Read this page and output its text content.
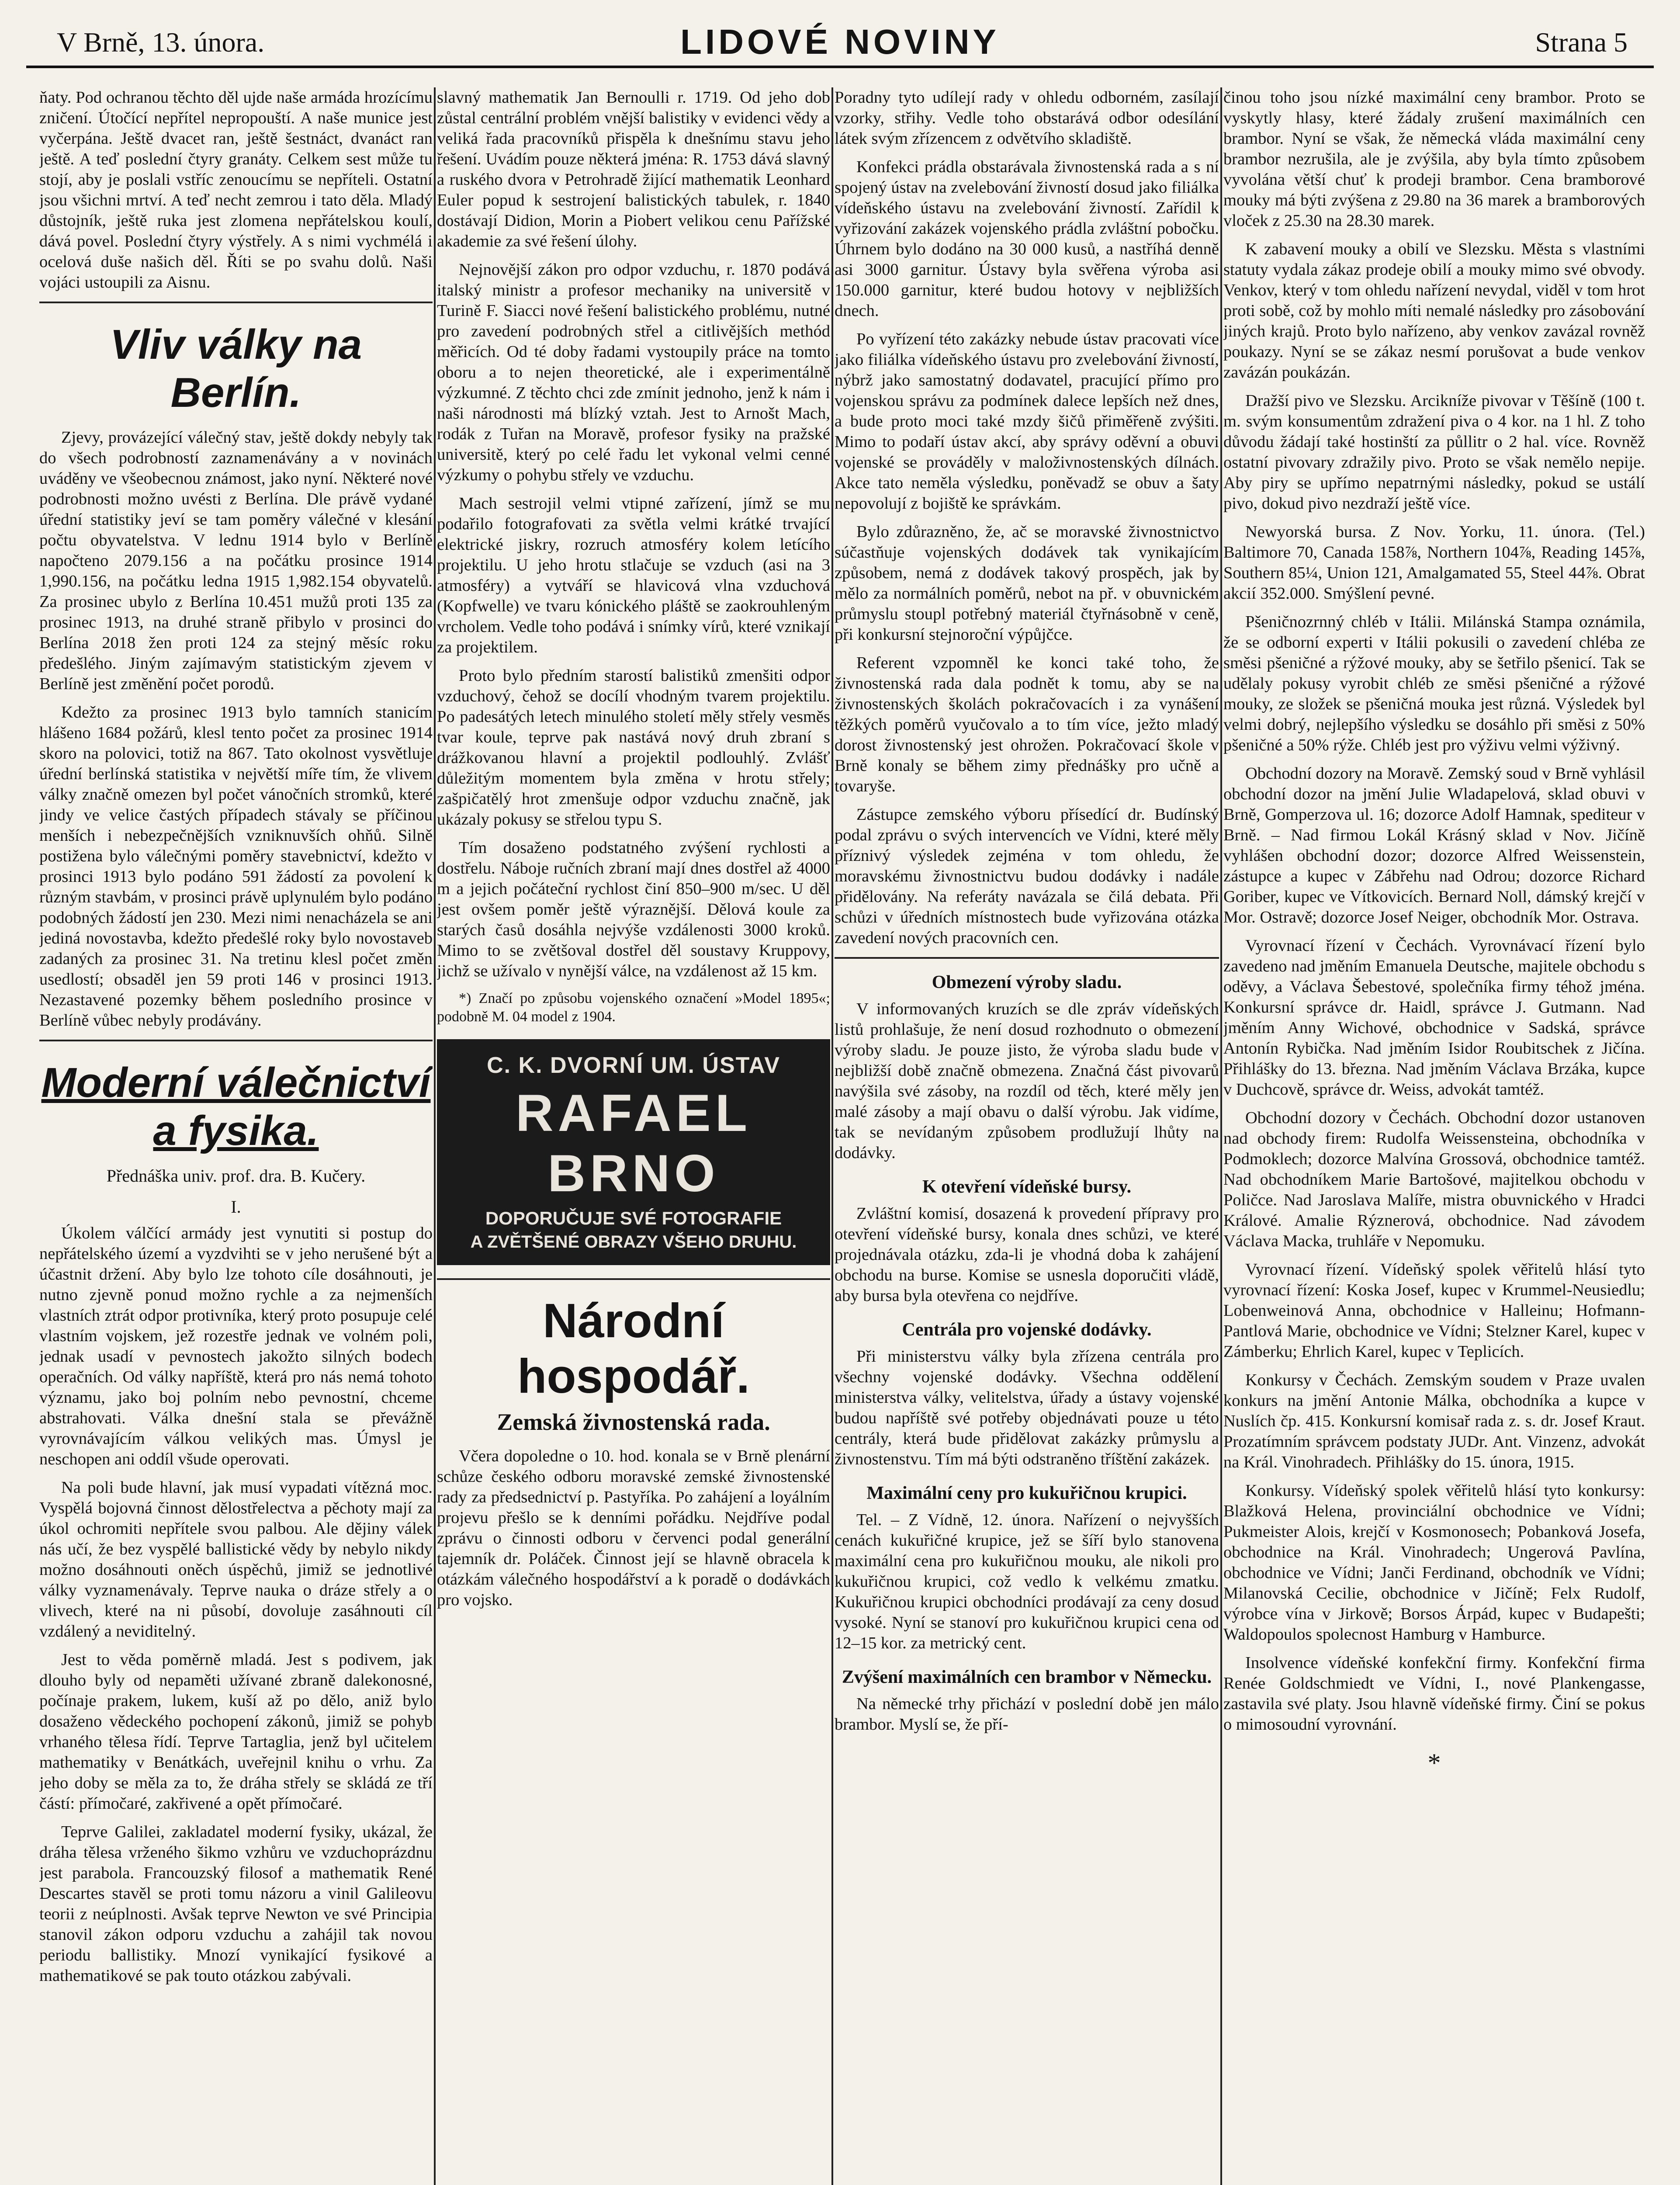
V Brně, 13. února.	LIDOVÉ NOVINY	Strana 5

ňaty. Pod ochranou těchto děl ujde naše armáda hrozícímu zničení. Útočící nepřítel nepropouští. A naše munice jest vyčerpána. Ještě dvacet ran, ještě šestnáct, dvanáct ran ještě. A teď poslední čtyry granáty. Celkem sest může tu stojí, aby je poslali vstříc zenoucímu se nepříteli. Ostatní jsou všichni mrtví. A teď necht zemrou i tato děla. Mladý důstojník, ještě ruka jest zlomena nepřátelskou koulí, dává povel. Poslední čtyry výstřely. A s nimi vychmélá i ocelová duše našich děl. Říti se po svahu dolů. Naši vojáci ustoupili za Aisnu.

Vliv války na Berlín.

Zjevy, provázející válečný stav, ještě dokdy nebyly tak do všech podrobností zaznamenávány a v novinách uváděny ve všeobecnou známost, jako nyní. Některé nové podrobnosti možno uvésti z Berlína. Dle právě vydané úřední statistiky jeví se tam poměry válečné v klesání počtu obyvatelstva. V lednu 1914 bylo v Berlíně napočteno 2079.156 a na počátku prosince 1914 1,990.156, na počátku ledna 1915 1,982.154 obyvatelů. Za prosinec ubylo z Berlína 10.451 mužů proti 135 za prosinec 1913, na druhé straně přibylo v prosinci do Berlína 2018 žen proti 124 za stejný měsíc roku předešlého. Jiným zajímavým statistickým zjevem v Berlíně jest změnění počet porodů.

Kdežto za prosinec 1913 bylo tamních stanicím hlášeno 1684 požárů, klesl tento počet za prosinec 1914 skoro na polovici, totiž na 867. Tato okolnost vysvětluje úřední berlínská statistika v největší míře tím, že vlivem války značně omezen byl počet vánočních stromků, které jindy ve velice častých případech stávaly se příčinou menších i nebezpečnějších vzniknuvších ohňů. Silně postižena bylo válečnými poměry stavebnictví, kdežto v prosinci 1913 bylo podáno 591 žádostí za povolení k různým stavbám, v prosinci právě uplynulém bylo podáno podobných žádostí jen 230. Mezi nimi nenacházela se ani jediná novostavba, kdežto předešlé roky bylo novostaveb zadaných za prosinec 31. Na tretinu klesl počet změn usedlostí; obsaděl jen 59 proti 146 v prosinci 1913. Nezastavené pozemky během posledního prosince v Berlíně vůbec nebyly prodávány.

Moderní válečnictví a fysika.
Přednáška univ. prof. dra. B. Kučery.
I.

Úkolem válčící armády jest vynutiti si postup do nepřátelského území a vyzdvihti se v jeho nerušené být a účastnit držení. Aby bylo lze tohoto cíle dosáhnouti, je nutno zjevně ponud možno rychle a za nejmenších vlastních ztrát odpor protivníka, který proto posupuje celé vlastním vojskem, jež rozestře jednak ve volném poli, jednak usadí v pevnostech jakožto silných bodech operačních. Od války napříště, která pro nás nemá tohoto významu, jako boj polním nebo pevnostní, chceme abstrahovati. Válka dnešní stala se převážně vyrovnávajícím válkou velikých mas. Úmysl je neschopen ani oddíl všude operovati.

Na poli bude hlavní, jak musí vypadati vítězná moc. Vyspělá bojovná činnost dělostřelectva a pěchoty mají za úkol ochromiti nepřítele svou palbou. Ale dějiny válek nás učí, že bez vyspělé ballistické vědy by nebylo nikdy možno dosáhnouti oněch úspěchů, jimiž se jednotlivé války vyznamenávaly. Teprve nauka o dráze střely a o vlivech, které na ni působí, dovoluje zasáhnouti cíl vzdálený a neviditelný.

Jest to věda poměrně mladá. Jest s podivem, jak dlouho byly od nepaměti užívané zbraně dalekonosné, počínaje prakem, lukem, kuší až po dělo, aniž bylo dosaženo vědeckého pochopení zákonů, jimiž se pohyb vrhaného tělesa řídí. Teprve Tartaglia, jenž byl učitelem mathematiky v Benátkách, uveřejnil knihu o vrhu. Za jeho doby se měla za to, že dráha střely se skládá ze tří částí: přímočaré, zakřivené a opět přímočaré.

Teprve Galilei, zakladatel moderní fysiky, ukázal, že dráha tělesa vrženého šikmo vzhůru ve vzduchoprázdnu jest parabola. Francouzský filosof a mathematik René Descartes stavěl se proti tomu názoru a vinil Galileovu teorii z neúplnosti. Avšak teprve Newton ve své Principia stanovil zákon odporu vzduchu a zahájil tak novou periodu ballistiky. Mnozí vynikající fysikové a mathematikové se pak touto otázkou zabývali.

slavný mathematik Jan Bernoulli r. 1719. Od jeho dob zůstal centrální problém vnější balistiky v evidenci vědy a veliká řada pracovníků přispěla k dnešnímu stavu jeho řešení. Uvádím pouze některá jména: R. 1753 dává slavný a ruského dvora v Petrohradě žijící mathematik Leonhard Euler popud k sestrojení balistických tabulek, r. 1840 dostávají Didion, Morin a Piobert velikou cenu Pařížské akademie za své řešení úlohy.

Nejnovější zákon pro odpor vzduchu, r. 1870 podává italský ministr a profesor mechaniky na universitě v Turině F. Siacci nové řešení balistického problému, nutné pro zavedení podrobných střel a citlivějších methód měřicích. Od té doby řadami vystoupily práce na tomto oboru a to nejen theoretické, ale i experimentálně výzkumné. Z těchto chci zde zmínit jednoho, jenž k nám i naši národnosti má blízký vztah. Jest to Arnošt Mach, rodák z Tuřan na Moravě, profesor fysiky na pražské universitě, který po celé řadu let vykonal velmi cenné výzkumy o pohybu střely ve vzduchu.

Mach sestrojil velmi vtipné zařízení, jímž se mu podařilo fotografovati za světla velmi krátké trvající elektrické jiskry, rozruch atmosféry kolem letícího projektilu. U jeho hrotu stlačuje se vzduch (asi na 3 atmosféry) a vytváří se hlavicová vlna vzduchová (Kopfwelle) ve tvaru kónického pláště se zaokrouhleným vrcholem. Vedle toho podává i snímky vírů, které vznikají za projektilem.

Proto bylo předním starostí balistiků zmenšiti odpor vzduchový, čehož se docílí vhodným tvarem projektilu. Po padesátých letech minulého století měly střely vesměs tvar koule, teprve pak nastává nový druh zbraní s drážkovanou hlavní a projektil podlouhlý. Zvlášť důležitým momentem byla změna v hrotu střely; zašpičatělý hrot zmenšuje odpor vzduchu značně, jak ukázaly pokusy se střelou typu S.

Tím dosaženo podstatného zvýšení rychlosti a dostřelu. Náboje ručních zbraní mají dnes dostřel až 4000 m a jejich počáteční rychlost činí 850–900 m/sec. U děl jest ovšem poměr ještě výraznější. Dělová koule za starých časů dosáhla nejvýše vzdálenosti 3000 kroků. Mimo to se zvětšoval dostřel děl soustavy Kruppovy, jichž se užívalo v nynější válce, na vzdálenost až 15 km.

*) Značí po způsobu vojenského označení »Model 1895«; podobně M. 04 model z 1904.

C. K. DVORNÍ UM. ÚSTAV
RAFAEL BRNO
DOPORUČUJE SVÉ FOTOGRAFIE
A ZVĚTŠENÉ OBRAZY VŠEHO DRUHU.
Národní hospodář.
Zemská živnostenská rada.

Včera dopoledne o 10. hod. konala se v Brně plenární schůze českého odboru moravské zemské živnostenské rady za předsednictví p. Pastyříka. Po zahájení a loyálním projevu přešlo se k denními pořádku. Nejdříve podal zprávu o činnosti odboru v červenci podal generální tajemník dr. Poláček. Činnost její se hlavně obracela k otázkám válečného hospodářství a k poradě o dodávkách pro vojsko.

Poradny tyto udílejí rady v ohledu odborném, zasílají vzorky, střihy. Vedle toho obstarává odbor odesílání látek svým zřízencem z odvětvího skladiště.

Konfekci prádla obstarávala živnostenská rada a s ní spojený ústav na zvelebování živností dosud jako filiálka vídeňského ústavu na zvelebování živností. Zařídil k vyřizování zakázek vojenského prádla zvláštní pobočku. Úhrnem bylo dodáno na 30 000 kusů, a nastříhá denně asi 3000 garnitur. Ústavy byla svěřena výroba asi 150.000 garnitur, které budou hotovy v nejbližších dnech.

Po vyřízení této zakázky nebude ústav pracovati více jako filiálka vídeňského ústavu pro zvelebování živností, nýbrž jako samostatný dodavatel, pracující přímo pro vojenskou správu za podmínek dalece lepších než dnes, a bude proto moci také mzdy šičů přiměřeně zvýšiti. Mimo to podaří ústav akcí, aby správy oděvní a obuvi vojenské se prováděly v maloživnostenských dílnách. Akce tato neměla výsledku, poněvadž se obuv a šaty nepovolují z bojiště ke správkám.

Bylo zdůrazněno, že, ač se moravské živnostnictvo súčastňuje vojenských dodávek tak vynikajícím způsobem, nemá z dodávek takový prospěch, jak by mělo za normálních poměrů, nebot na př. v obuvnickém průmyslu stoupl potřebný materiál čtyřnásobně v ceně, při konkursní stejnoroční výpůjčce.

Referent vzpomněl ke konci také toho, že živnostenská rada dala podnět k tomu, aby se na živnostenských školách pokračovacích i za vynášení těžkých poměrů vyučovalo a to tím více, ježto mladý dorost živnostenský jest ohrožen. Pokračovací škole v Brně konaly se během zimy přednášky pro učně a tovaryše.

Zástupce zemského výboru přísedící dr. Budínský podal zprávu o svých intervencích ve Vídni, které měly příznivý výsledek zejména v tom ohledu, že moravskému živnostnictvu budou dodávky i nadále přidělovány. Na referáty navázala se čilá debata. Při schůzi v úředních místnostech bude vyřizována otázka zavedení nových pracovních cen.

Obmezení výroby sladu.

V informovaných kruzích se dle zpráv vídeňských listů prohlašuje, že není dosud rozhodnuto o obmezení výroby sladu. Je pouze jisto, že výroba sladu bude v nejbližší době značně obmezena. Značná část pivovarů navýšila své zásoby, na rozdíl od těch, které měly jen malé zásoby a mají obavu o další výrobu. Jak vidíme, tak se nevídaným způsobem prodlužují lhůty na dodávky.

K otevření vídeňské bursy.

Zvláštní komisí, dosazená k provedení přípravy pro otevření vídeňské bursy, konala dnes schůzi, ve které projednávala otázku, zda-li je vhodná doba k zahájení obchodu na burse. Komise se usnesla doporučiti vládě, aby bursa byla otevřena co nejdříve.

Centrála pro vojenské dodávky.

Při ministerstvu války byla zřízena centrála pro všechny vojenské dodávky. Všechna oddělení ministerstva války, velitelstva, úřady a ústavy vojenské budou napříště své potřeby objednávati pouze u této centrály, která bude přidělovat zakázky průmyslu a živnostenstvu. Tím má býti odstraněno tříštění zakázek.

Maximální ceny pro kukuřičnou krupici.

Tel. – Z Vídně, 12. února. Nařízení o nejvyšších cenách kukuřičné krupice, jež se šíří bylo stanovena maximální cena pro kukuřičnou mouku, ale nikoli pro kukuřičnou krupici, což vedlo k velkému zmatku. Kukuřičnou krupici obchodníci prodávají za ceny dosud vysoké. Nyní se stanoví pro kukuřičnou krupici cena od 12–15 kor. za metrický cent.

Zvýšení maximálních cen brambor v Německu.

Na německé trhy přichází v poslední době jen málo brambor. Myslí se, že pří-

činou toho jsou nízké maximální ceny brambor. Proto se vyskytly hlasy, které žádaly zrušení maximálních cen brambor. Nyní se však, že německá vláda maximální ceny brambor nezrušila, ale je zvýšila, aby byla tímto způsobem vyvolána větší chuť k prodeji brambor. Cena bramborové mouky má býti zvýšena z 29.80 na 36 marek a bramborových vloček z 25.30 na 28.30 marek.

K zabavení mouky a obilí ve Slezsku. Města s vlastními statuty vydala zákaz prodeje obilí a mouky mimo své obvody. Venkov, který v tom ohledu nařízení nevydal, viděl v tom hrot proti sobě, což by mohlo míti nemalé následky pro zásobování jiných krajů. Proto bylo nařízeno, aby venkov zavázal rovněž poukazy. Nyní se se zákaz nesmí porušovat a bude venkov zavázán poukázán.

Dražší pivo ve Slezsku. Arcikníže pivovar v Těšíně (100 t. m. svým konsumentům zdražení piva o 4 kor. na 1 hl. Z toho důvodu žádají také hostinští za půllitr o 2 hal. více. Rovněž ostatní pivovary zdražily pivo. Proto se však nemělo nepije. Aby piry se upřímo nepatrnými následky, pokud se ustálí pivo, dokud pivo nezdraží ještě více.

Newyorská bursa. Z Nov. Yorku, 11. února. (Tel.) Baltimore 70, Canada 158⅞, Northern 104⅞, Reading 145⅞, Southern 85¼, Union 121, Amalgamated 55, Steel 44⅞. Obrat akcií 352.000. Smýšlení pevné.

Pšeničnozrnný chléb v Itálii. Milánská Stampa oznámila, že se odborní experti v Itálii pokusili o zavedení chléba ze směsi pšeničné a rýžové mouky, aby se šetřilo pšenicí. Tak se udělaly pokusy vyrobit chléb ze směsi pšeničné a rýžové mouky, ze složek se pšeničná mouka jest různá. Výsledek byl velmi dobrý, nejlepšího výsledku se dosáhlo při směsi z 50% pšeničné a 50% rýže. Chléb jest pro výživu velmi výživný.

Obchodní dozory na Moravě. Zemský soud v Brně vyhlásil obchodní dozor na jmění Julie Wladapelová, sklad obuvi v Brně, Gomperzova ul. 16; dozorce Adolf Hamnak, spediteur v Brně. – Nad firmou Lokál Krásný sklad v Nov. Jičíně vyhlášen obchodní dozor; dozorce Alfred Weissenstein, zástupce a kupec v Zábřehu nad Odrou; dozorce Richard Goriber, kupec ve Vítkovicích. Bernard Noll, dámský krejčí v Mor. Ostravě; dozorce Josef Neiger, obchodník Mor. Ostrava.

Vyrovnací řízení v Čechách. Vyrovnávací řízení bylo zavedeno nad jměním Emanuela Deutsche, majitele obchodu s oděvy, a Václava Šebestové, společníka firmy téhož jména. Konkursní správce dr. Haidl, správce J. Gutmann. Nad jměním Anny Wichové, obchodnice v Sadská, správce Antonín Rybička. Nad jměním Isidor Roubitschek z Jičína. Přihlášky do 13. března. Nad jměním Václava Brzáka, kupce v Duchcově, správce dr. Weiss, advokát tamtéž.

Obchodní dozory v Čechách. Obchodní dozor ustanoven nad obchody firem: Rudolfa Weissensteina, obchodníka v Podmoklech; dozorce Malvína Grossová, obchodnice tamtéž. Nad obchodníkem Marie Bartošové, majitelkou obchodu v Poličce. Nad Jaroslava Malíře, mistra obuvnického v Hradci Králové. Amalie Rýznerová, obchodnice. Nad závodem Václava Macka, truhláře v Nepomuku.

Vyrovnací řízení. Vídeňský spolek věřitelů hlásí tyto vyrovnací řízení: Koska Josef, kupec v Krummel-Neusiedlu; Lobenweinová Anna, obchodnice v Halleinu; Hofmann-Pantlová Marie, obchodnice ve Vídni; Stelzner Karel, kupec v Zámberku; Ehrlich Karel, kupec v Teplicích.

Konkursy v Čechách. Zemským soudem v Praze uvalen konkurs na jmění Antonie Málka, obchodníka a kupce v Nuslích čp. 415. Konkursní komisař rada z. s. dr. Josef Kraut. Prozatímním správcem podstaty JUDr. Ant. Vinzenz, advokát na Král. Vinohradech. Přihlášky do 15. února, 1915.

Konkursy. Vídeňský spolek věřitelů hlásí tyto konkursy: Blažková Helena, provinciální obchodnice ve Vídni; Pukmeister Alois, krejčí v Kosmonosech; Pobanková Josefa, obchodnice na Král. Vinohradech; Ungerová Pavlína, obchodnice ve Vídni; Janči Ferdinand, obchodník ve Vídni; Milanovská Cecilie, obchodnice v Jičíně; Felx Rudolf, výrobce vína v Jirkově; Borsos Árpád, kupec v Budapešti; Waldopoulos spolecnost Hamburg v Hamburce.

Insolvence vídeňské konfekční firmy. Konfekční firma Renée Goldschmiedt ve Vídni, I., nové Plankengasse, zastavila své platy. Jsou hlavně vídeňské firmy. Činí se pokus o mimosoudní vyrovnání.

*
